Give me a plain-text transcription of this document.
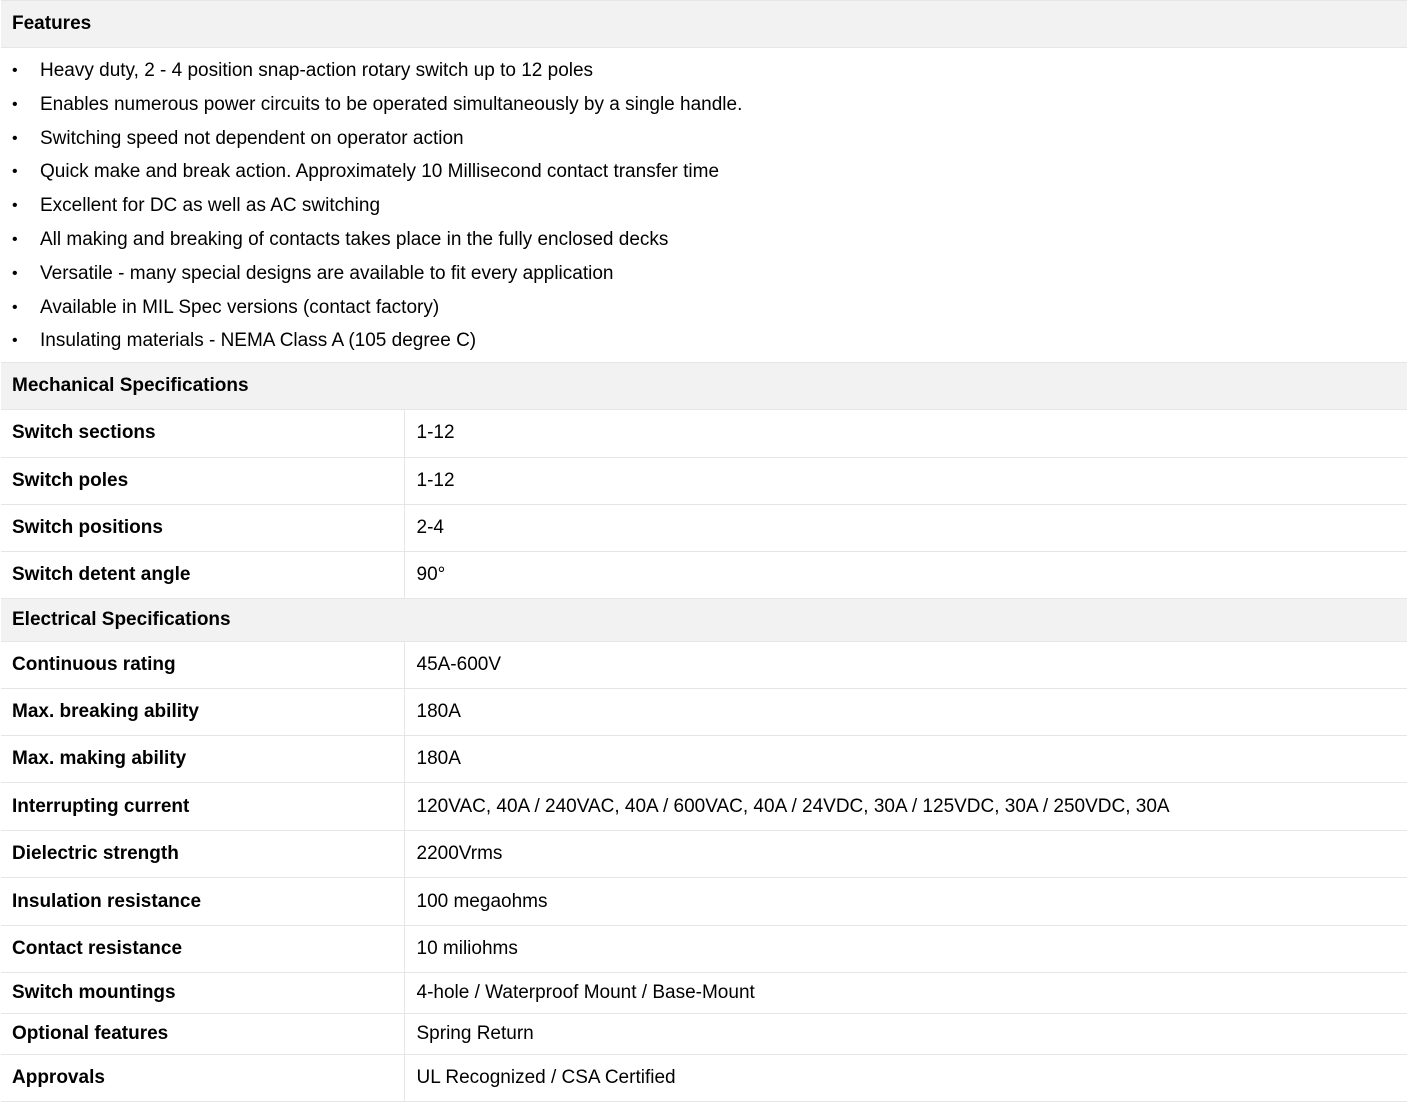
Features
• Heavy duty, 2 - 4 position snap-action rotary switch up to 12 poles
• Enables numerous power circuits to be operated simultaneously by a single handle.
• Switching speed not dependent on operator action
• Quick make and break action. Approximately 10 Millisecond contact transfer time
• Excellent for DC as well as AC switching
• All making and breaking of contacts takes place in the fully enclosed decks
• Versatile - many special designs are available to fit every application
• Available in MIL Spec versions (contact factory)
• Insulating materials - NEMA Class A (105 degree C)
Mechanical Specifications
Switch sections	1-12
Switch poles	1-12
Switch positions	2-4
Switch detent angle	90°
Electrical Specifications
Continuous rating	45A-600V
Max. breaking ability	180A
Max. making ability	180A
Interrupting current	120VAC, 40A / 240VAC, 40A / 600VAC, 40A / 24VDC, 30A / 125VDC, 30A / 250VDC, 30A
Dielectric strength	2200Vrms
Insulation resistance	100 megaohms
Contact resistance	10 miliohms
Switch mountings	4-hole / Waterproof Mount / Base-Mount
Optional features	Spring Return
Approvals	UL Recognized / CSA Certified
